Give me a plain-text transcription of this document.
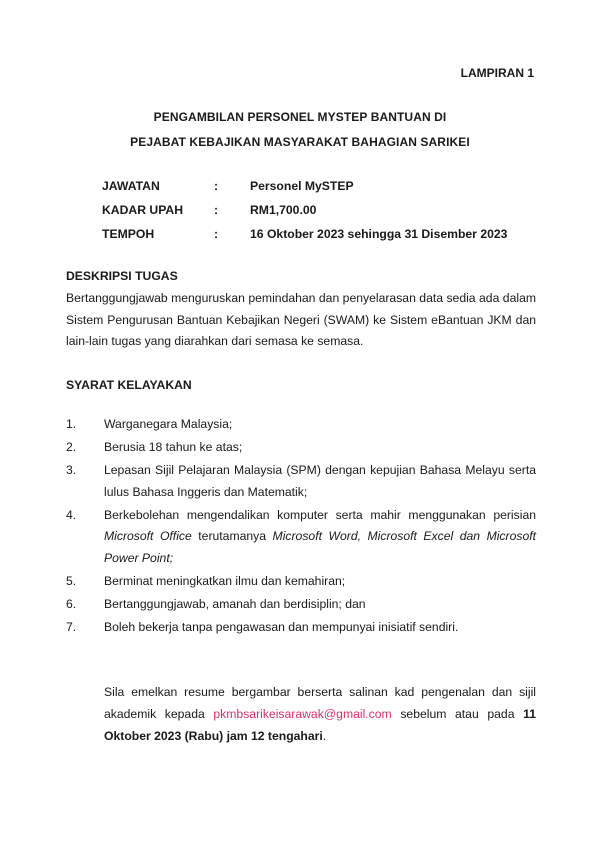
LAMPIRAN 1
PENGAMBILAN PERSONEL MYSTEP BANTUAN DI
PEJABAT KEBAJIKAN MASYARAKAT BAHAGIAN SARIKEI
JAWATAN	:	Personel MySTEP
KADAR UPAH	:	RM1,700.00
TEMPOH	:	16 Oktober 2023 sehingga 31 Disember 2023
DESKRIPSI TUGAS
Bertanggungjawab menguruskan pemindahan dan penyelarasan data sedia ada dalam Sistem Pengurusan Bantuan Kebajikan Negeri (SWAM) ke Sistem eBantuan JKM dan lain-lain tugas yang diarahkan dari semasa ke semasa.
SYARAT KELAYAKAN
1. Warganegara Malaysia;
2. Berusia 18 tahun ke atas;
3. Lepasan Sijil Pelajaran Malaysia (SPM) dengan kepujian Bahasa Melayu serta lulus Bahasa Inggeris dan Matematik;
4. Berkebolehan mengendalikan komputer serta mahir menggunakan perisian Microsoft Office terutamanya Microsoft Word, Microsoft Excel dan Microsoft Power Point;
5. Berminat meningkatkan ilmu dan kemahiran;
6. Bertanggungjawab, amanah dan berdisiplin; dan
7. Boleh bekerja tanpa pengawasan dan mempunyai inisiatif sendiri.
Sila emelkan resume bergambar berserta salinan kad pengenalan dan sijil akademik kepada pkmbsarikeisarawak@gmail.com sebelum atau pada 11 Oktober 2023 (Rabu) jam 12 tengahari.
